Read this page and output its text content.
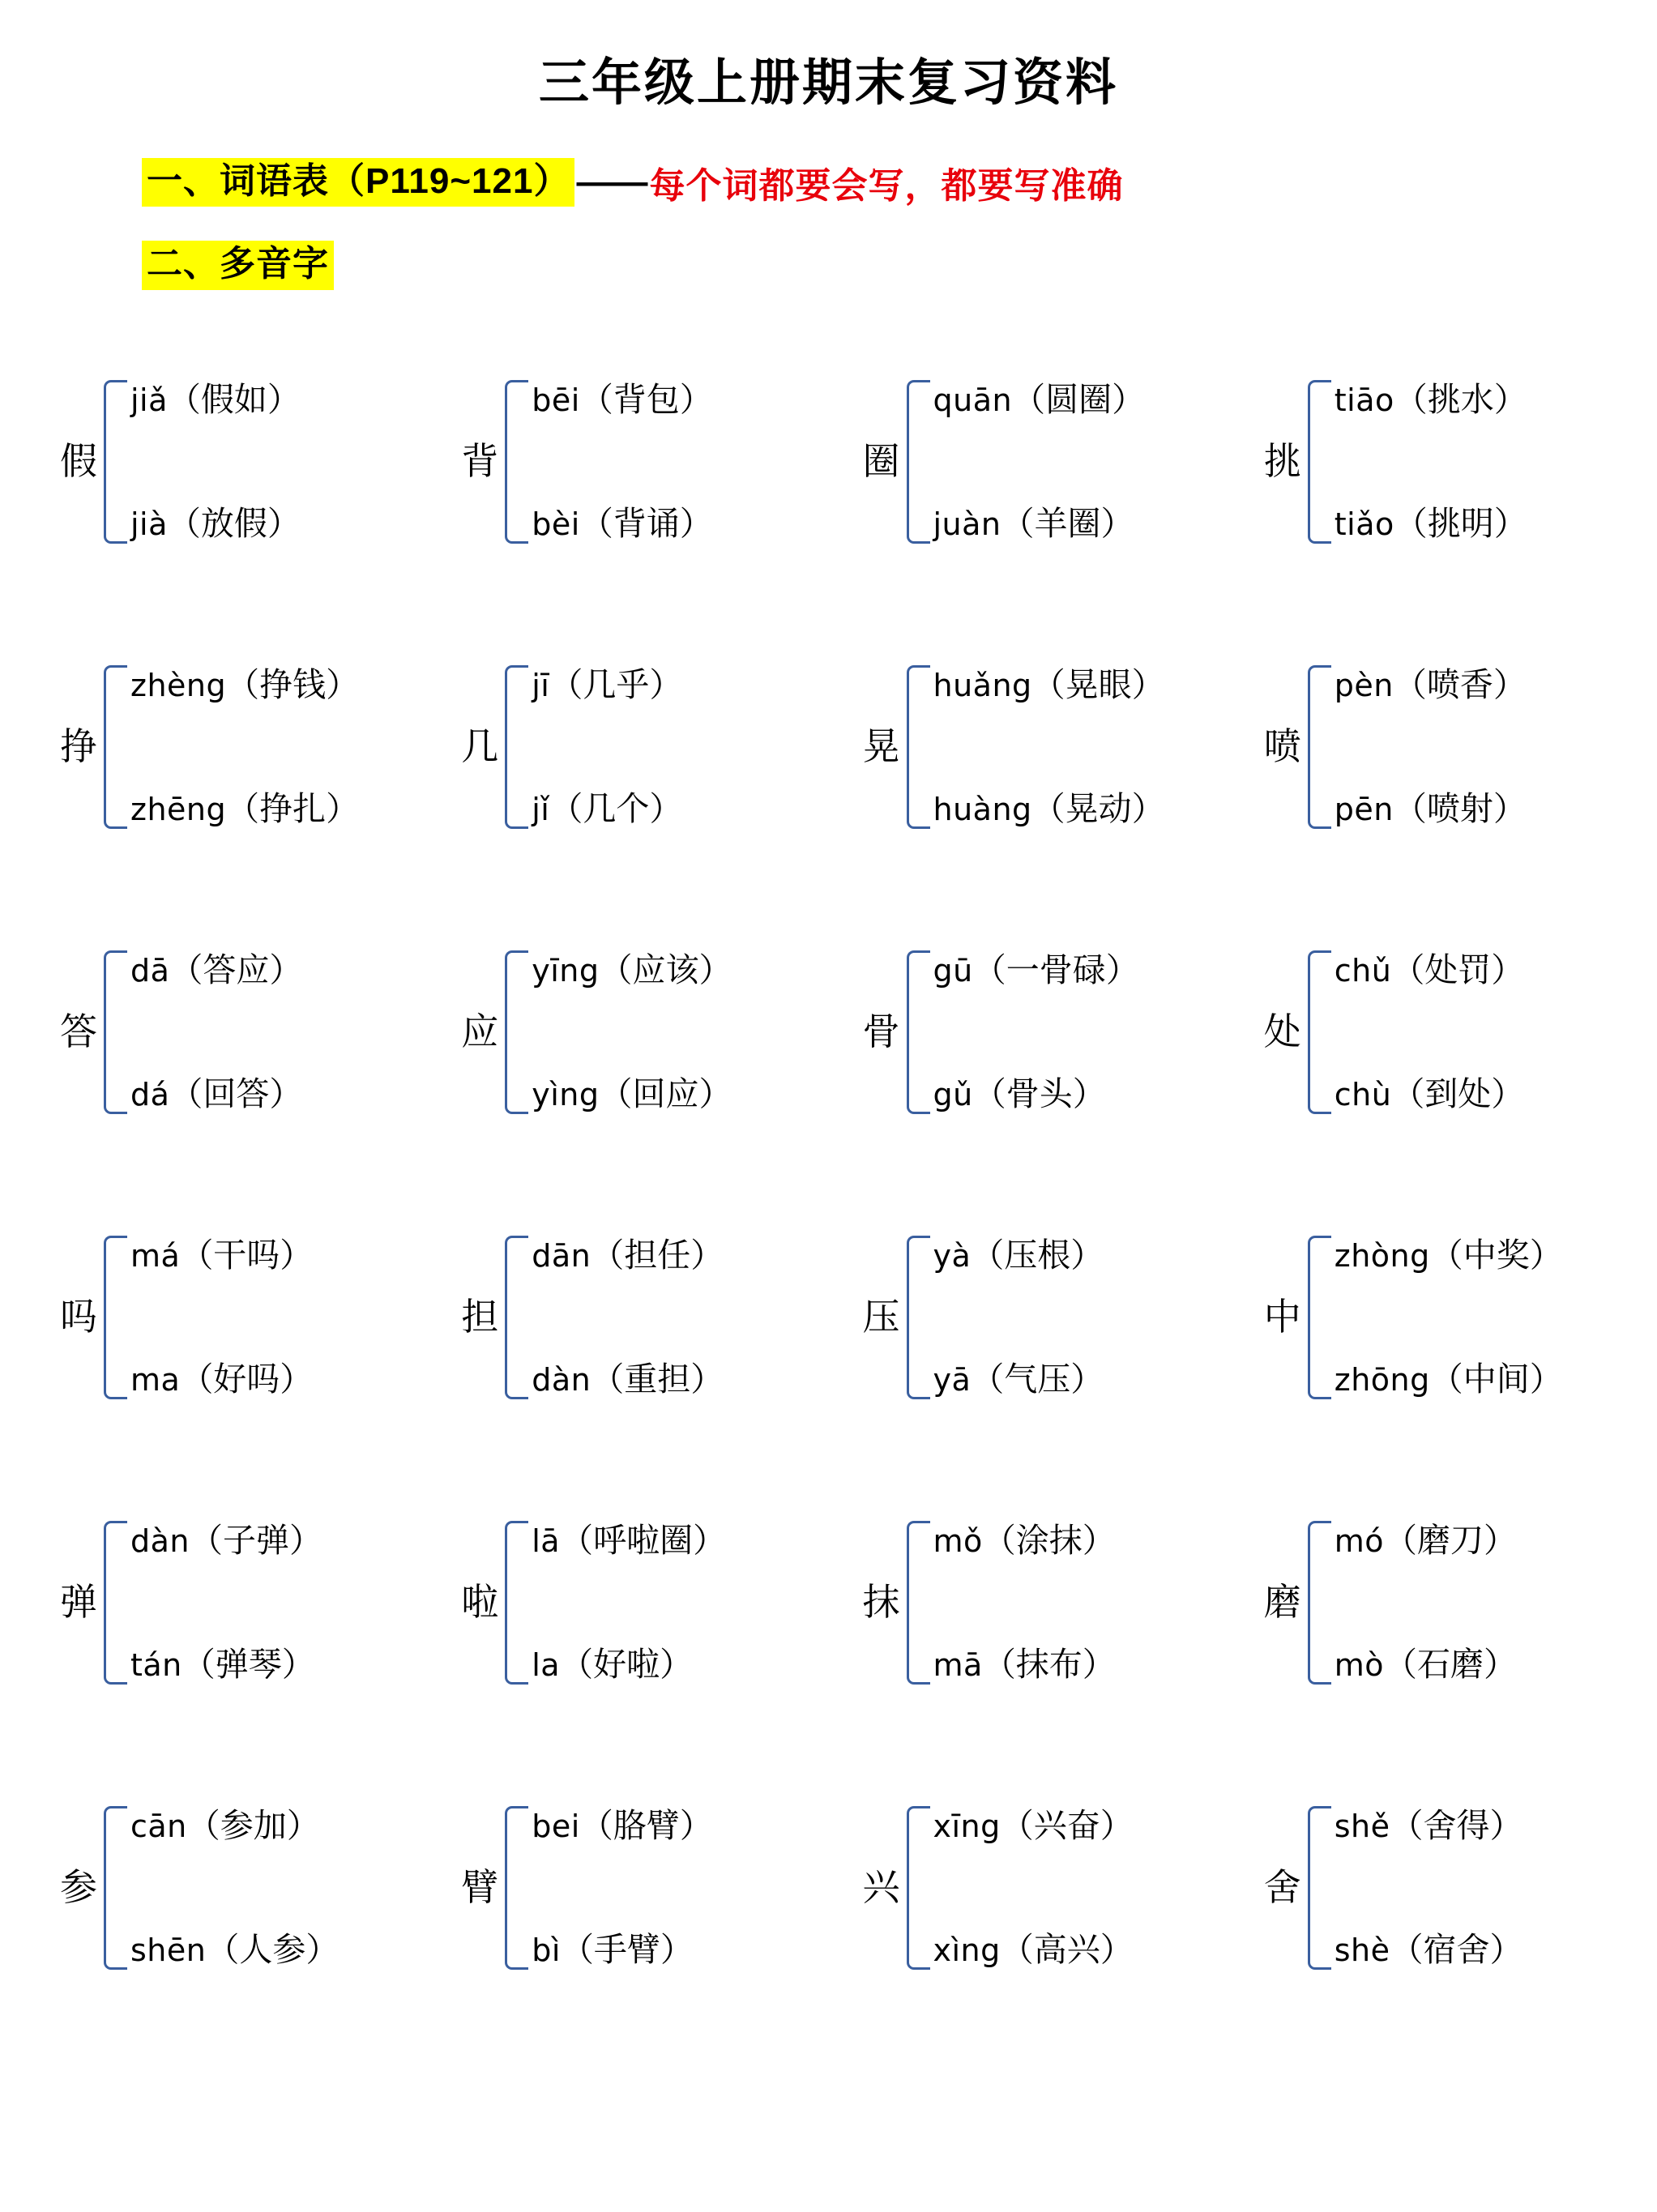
三年级上册期末复习资料
一、词语表（P119~121） —— 每个词都要会写，都要写准确
二、多音字
假
jiǎ（假如）
jià（放假）
背
bēi（背包）
bèi（背诵）
圈
quān（圆圈）
juàn（羊圈）
挑
tiāo（挑水）
tiǎo（挑明）
挣
zhèng（挣钱）
zhēng（挣扎）
几
jī（几乎）
jǐ（几个）
晃
huǎng（晃眼）
huàng（晃动）
喷
pèn（喷香）
pēn（喷射）
答
dā（答应）
dá（回答）
应
yīng（应该）
yìng（回应）
骨
gū（一骨碌）
gǔ（骨头）
处
chǔ（处罚）
chù（到处）
吗
má（干吗）
ma（好吗）
担
dān（担任）
dàn（重担）
压
yà（压根）
yā（气压）
中
zhòng（中奖）
zhōng（中间）
弹
dàn（子弹）
tán（弹琴）
啦
lā（呼啦圈）
la（好啦）
抹
mǒ（涂抹）
mā（抹布）
磨
mó（磨刀）
mò（石磨）
参
cān（参加）
shēn（人参）
臂
bei（胳臂）
bì（手臂）
兴
xīng（兴奋）
xìng（高兴）
舍
shě（舍得）
shè（宿舍）
